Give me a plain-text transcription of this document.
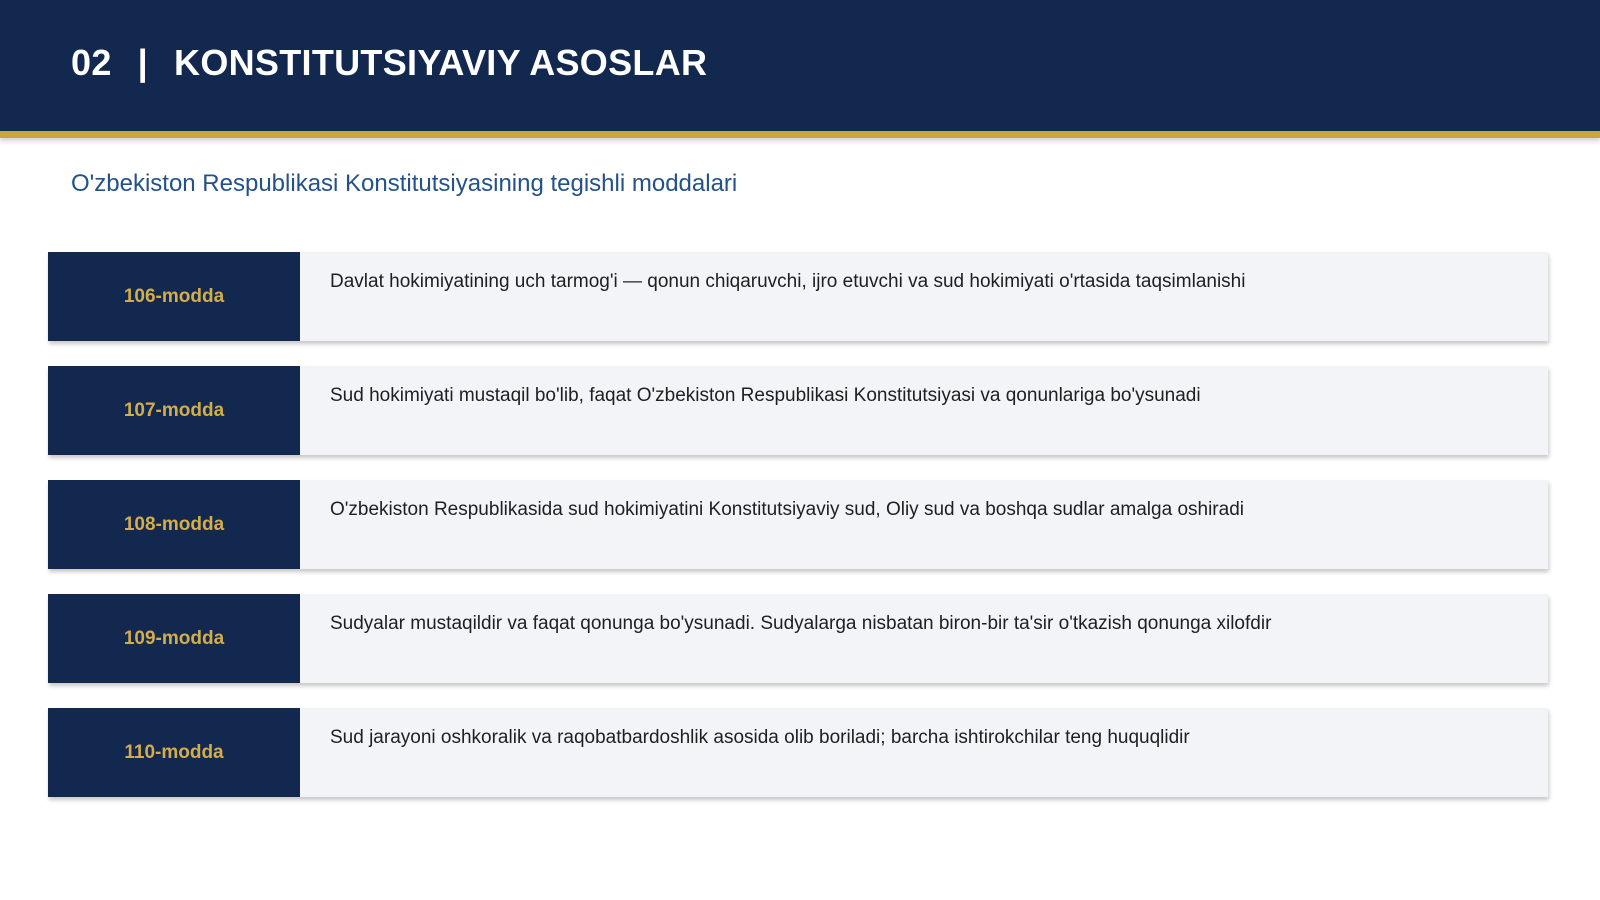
02 | KONSTITUTSIYAVIY ASOSLAR
O'zbekiston Respublikasi Konstitutsiyasining tegishli moddalari
106-modda
Davlat hokimiyatining uch tarmog'i — qonun chiqaruvchi, ijro etuvchi va sud hokimiyati o'rtasida taqsimlanishi
107-modda
Sud hokimiyati mustaqil bo'lib, faqat O'zbekiston Respublikasi Konstitutsiyasi va qonunlariga bo'ysunadi
108-modda
O'zbekiston Respublikasida sud hokimiyatini Konstitutsiyaviy sud, Oliy sud va boshqa sudlar amalga oshiradi
109-modda
Sudyalar mustaqildir va faqat qonunga bo'ysunadi. Sudyalarga nisbatan biron-bir ta'sir o'tkazish qonunga xilofdir
110-modda
Sud jarayoni oshkoralik va raqobatbardoshlik asosida olib boriladi; barcha ishtirokchilar teng huquqlidir
